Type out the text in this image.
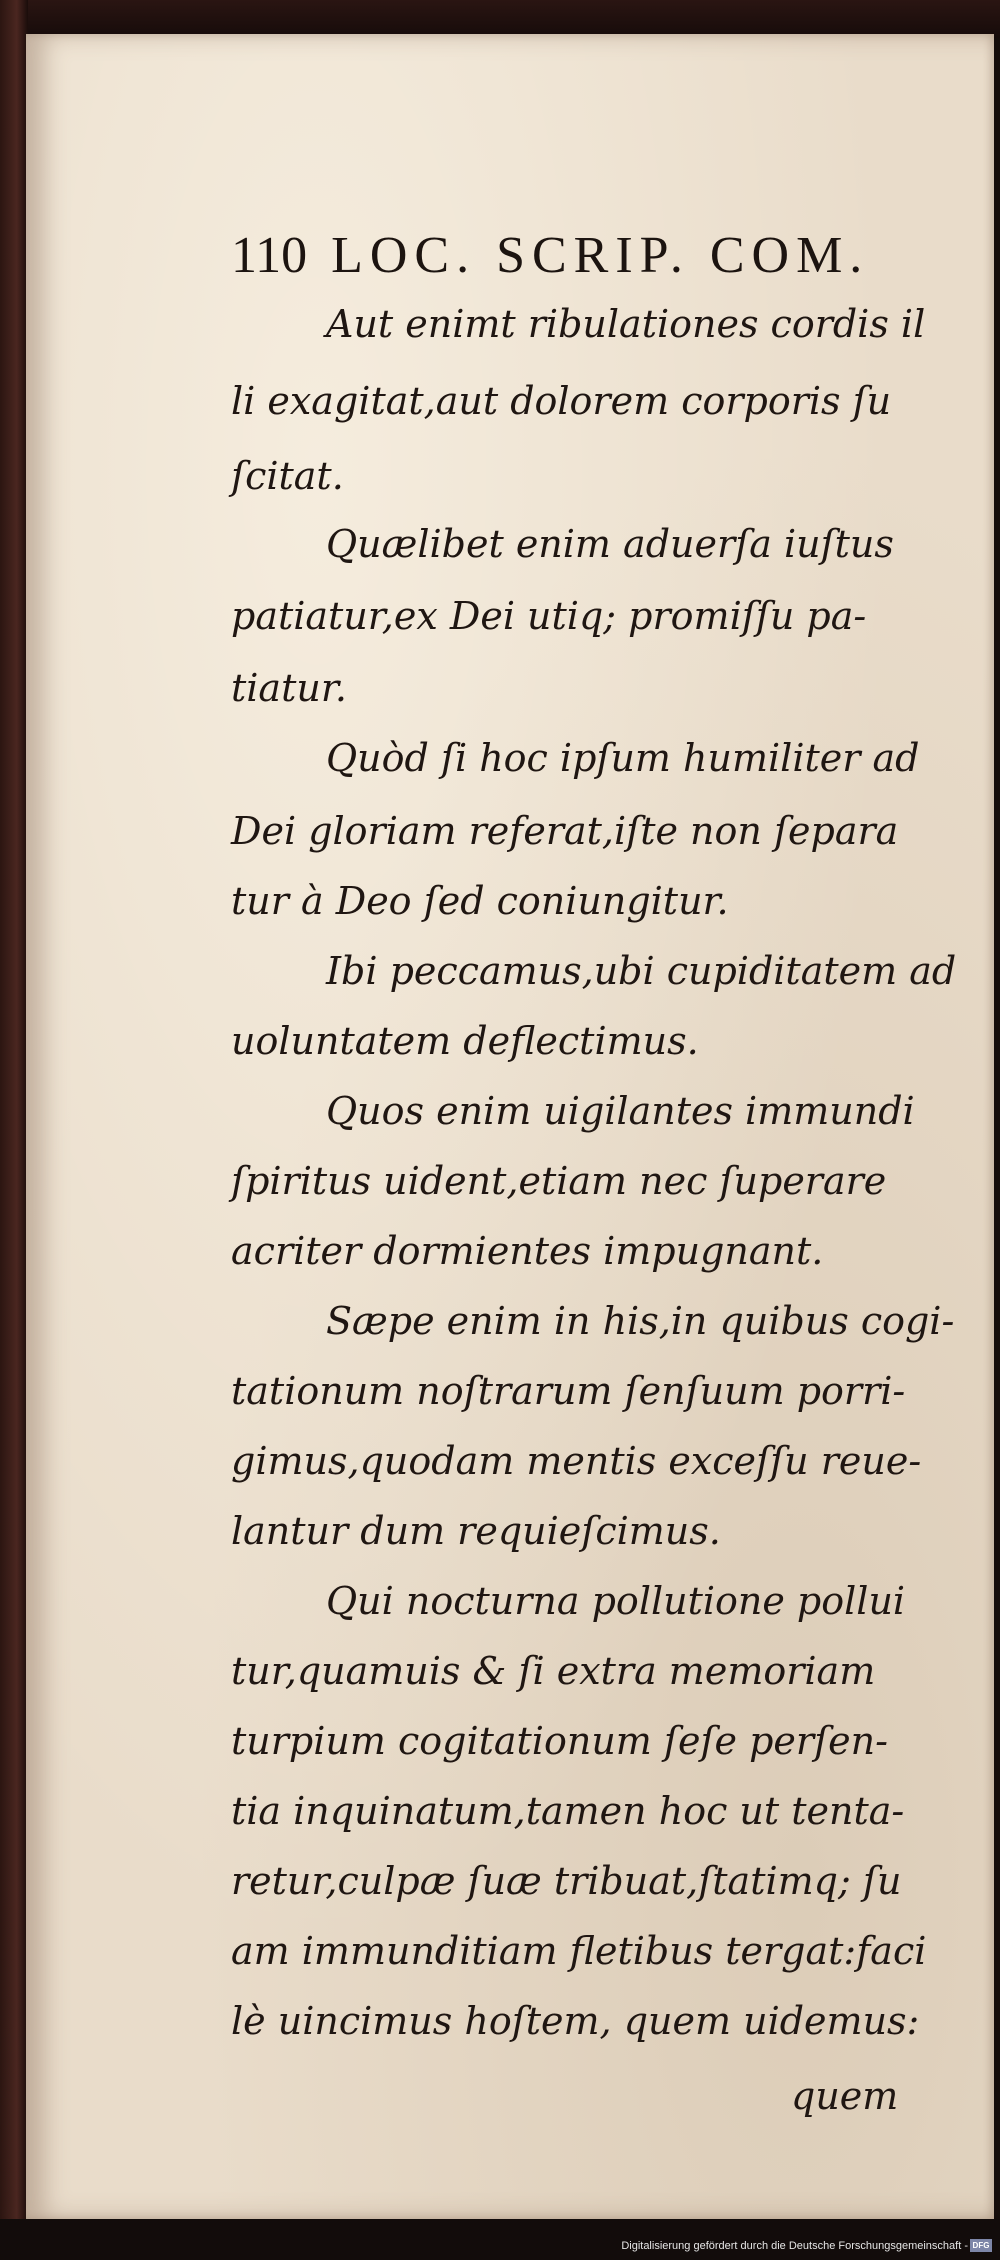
110 LOC. SCRIP. COM.
Aut enimt ribulationes cordis il
li exagitat,aut dolorem corporis ſu
ſcitat.
Quælibet enim aduerſa iuſtus
patiatur,ex Dei utiq; promiſſu pa-
tiatur.
Quòd ſi hoc ipſum humiliter ad
Dei gloriam referat,iſte non ſepara
tur à Deo ſed coniungitur.
Ibi peccamus,ubi cupiditatem ad
uoluntatem deflectimus.
Quos enim uigilantes immundi
ſpiritus uident,etiam nec ſuperare
acriter dormientes impugnant.
Sæpe enim in his,in quibus cogi-
tationum noſtrarum ſenſuum porri-
gimus,quodam mentis exceſſu reue-
lantur dum requieſcimus.
Qui nocturna pollutione pollui
tur,quamuis & ſi extra memoriam
turpium cogitationum ſeſe perſen-
tia inquinatum,tamen hoc ut tenta-
retur,culpæ ſuæ tribuat,ſtatimq; ſu
am immunditiam fletibus tergat:faci
lè uincimus hoſtem, quem uidemus:
quem
Digitalisierung gefördert durch die Deutsche Forschungsgemeinschaft - DFG
